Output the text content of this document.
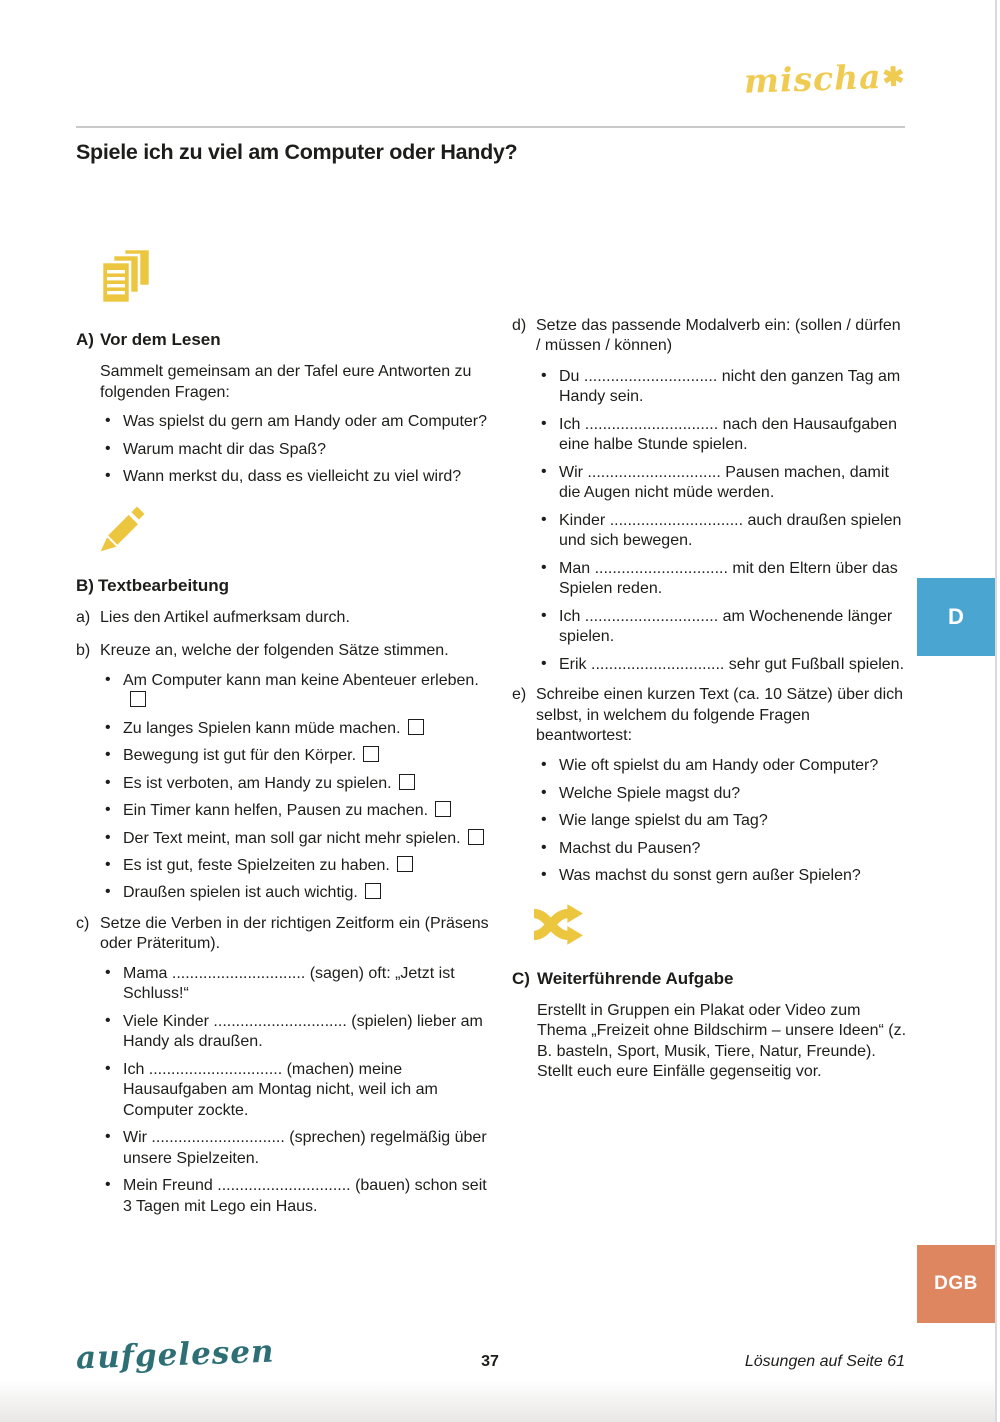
mischa✱
Spiele ich zu viel am Computer oder Handy?
A) Vor dem Lesen

Sammelt gemeinsam an der Tafel eure Antworten zu folgenden Fragen:

• Was spielst du gern am Handy oder am Computer?
• Warum macht dir das Spaß?
• Wann merkst du, dass es vielleicht zu viel wird?
B) Textbearbeitung
a) Lies den Artikel aufmerksam durch.
b) Kreuze an, welche der folgenden Sätze stimmen.
• Am Computer kann man keine Abenteuer erleben.
• Zu langes Spielen kann müde machen.
• Bewegung ist gut für den Körper.
• Es ist verboten, am Handy zu spielen.
• Ein Timer kann helfen, Pausen zu machen.
• Der Text meint, man soll gar nicht mehr spielen.
• Es ist gut, feste Spielzeiten zu haben.
• Draußen spielen ist auch wichtig.
c) Setze die Verben in der richtigen Zeitform ein (Präsens oder Präteritum).
• Mama .............................. (sagen) oft: „Jetzt ist Schluss!“
• Viele Kinder .............................. (spielen) lieber am Handy als draußen.
• Ich .............................. (machen) meine Hausaufgaben am Montag nicht, weil ich am Computer zockte.
• Wir .............................. (sprechen) regelmäßig über unsere Spielzeiten.
• Mein Freund .............................. (bauen) schon seit 3 Tagen mit Lego ein Haus.
d) Setze das passende Modalverb ein: (sollen / dürfen / müssen / können)
• Du .............................. nicht den ganzen Tag am Handy sein.
• Ich .............................. nach den Hausaufgaben eine halbe Stunde spielen.
• Wir .............................. Pausen machen, damit die Augen nicht müde werden.
• Kinder .............................. auch draußen spielen und sich bewegen.
• Man .............................. mit den Eltern über das Spielen reden.
• Ich .............................. am Wochenende länger spielen.
• Erik .............................. sehr gut Fußball spielen.
e) Schreibe einen kurzen Text (ca. 10 Sätze) über dich selbst, in welchem du folgende Fragen beantwortest:
• Wie oft spielst du am Handy oder Computer?
• Welche Spiele magst du?
• Wie lange spielst du am Tag?
• Machst du Pausen?
• Was machst du sonst gern außer Spielen?
C) Weiterführende Aufgabe

Erstellt in Gruppen ein Plakat oder Video zum Thema „Freizeit ohne Bildschirm – unsere Ideen“ (z. B. basteln, Sport, Musik, Tiere, Natur, Freunde). Stellt euch eure Einfälle gegenseitig vor.

D
DGB
aufgelesen	37	Lösungen auf Seite 61
